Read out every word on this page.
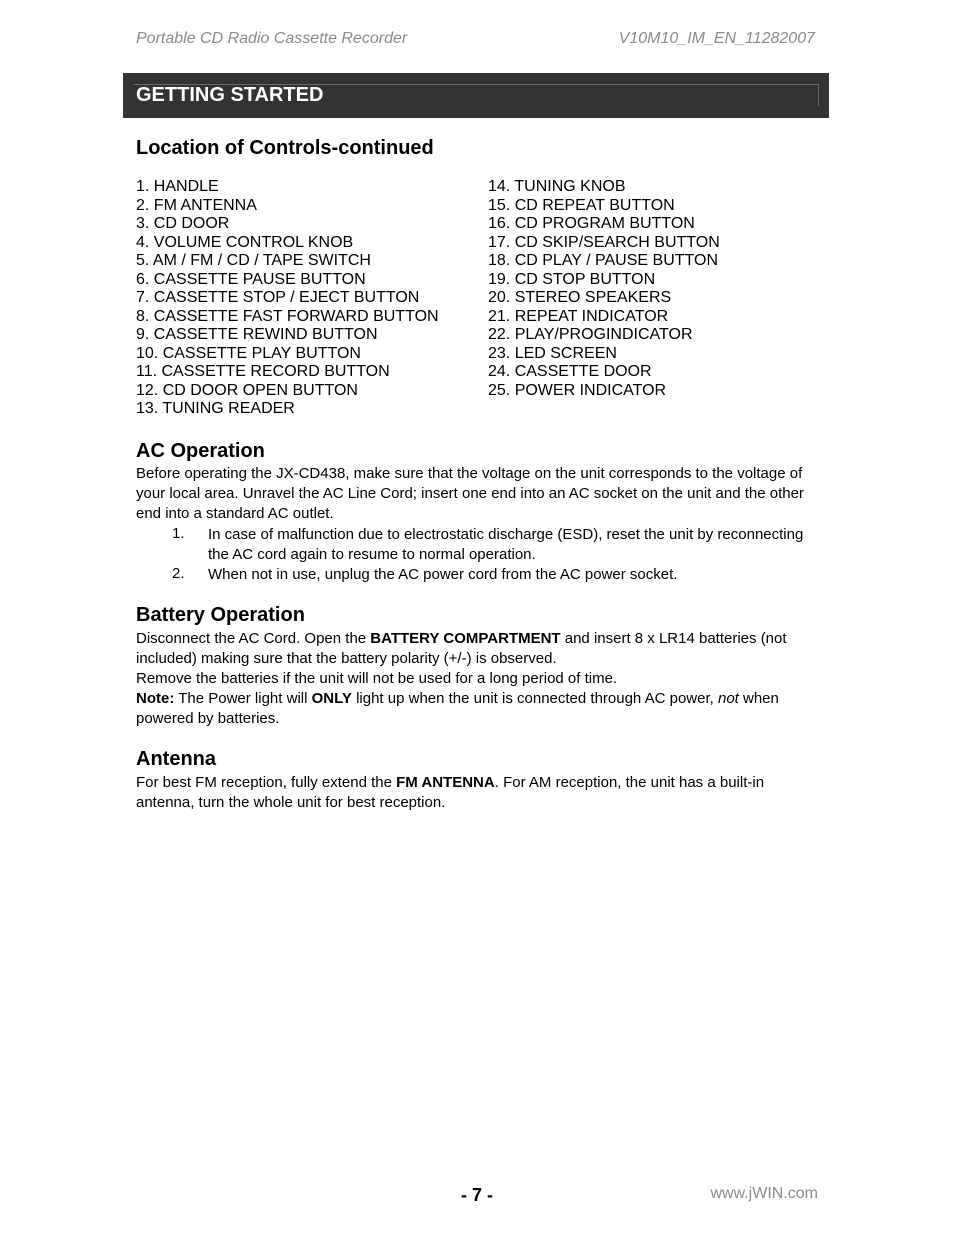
Portable CD Radio Cassette Recorder	V10M10_IM_EN_11282007
GETTING STARTED
Location of Controls-continued
1. HANDLE
2. FM ANTENNA
3. CD DOOR
4. VOLUME CONTROL KNOB
5. AM / FM / CD / TAPE SWITCH
6. CASSETTE PAUSE BUTTON
7. CASSETTE STOP / EJECT BUTTON
8. CASSETTE FAST FORWARD BUTTON
9. CASSETTE REWIND BUTTON
10. CASSETTE PLAY BUTTON
11. CASSETTE RECORD BUTTON
12. CD DOOR OPEN BUTTON
13. TUNING READER
14. TUNING KNOB
15. CD REPEAT BUTTON
16. CD PROGRAM BUTTON
17. CD SKIP/SEARCH BUTTON
18. CD PLAY / PAUSE BUTTON
19. CD STOP BUTTON
20. STEREO SPEAKERS
21. REPEAT INDICATOR
22. PLAY/PROGINDICATOR
23. LED SCREEN
24. CASSETTE DOOR
25. POWER INDICATOR
AC Operation
Before operating the JX-CD438, make sure that the voltage on the unit corresponds to the voltage of your local area. Unravel the AC Line Cord; insert one end into an AC socket on the unit and the other end into a standard AC outlet.
1. In case of malfunction due to electrostatic discharge (ESD), reset the unit by reconnecting the AC cord again to resume to normal operation.
2. When not in use, unplug the AC power cord from the AC power socket.
Battery Operation
Disconnect the AC Cord. Open the BATTERY COMPARTMENT and insert 8 x LR14 batteries (not included) making sure that the battery polarity (+/-) is observed.
Remove the batteries if the unit will not be used for a long period of time.
Note: The Power light will ONLY light up when the unit is connected through AC power, not when powered by batteries.
Antenna
For best FM reception, fully extend the FM ANTENNA. For AM reception, the unit has a built-in antenna, turn the whole unit for best reception.
- 7 -	www.jWIN.com
